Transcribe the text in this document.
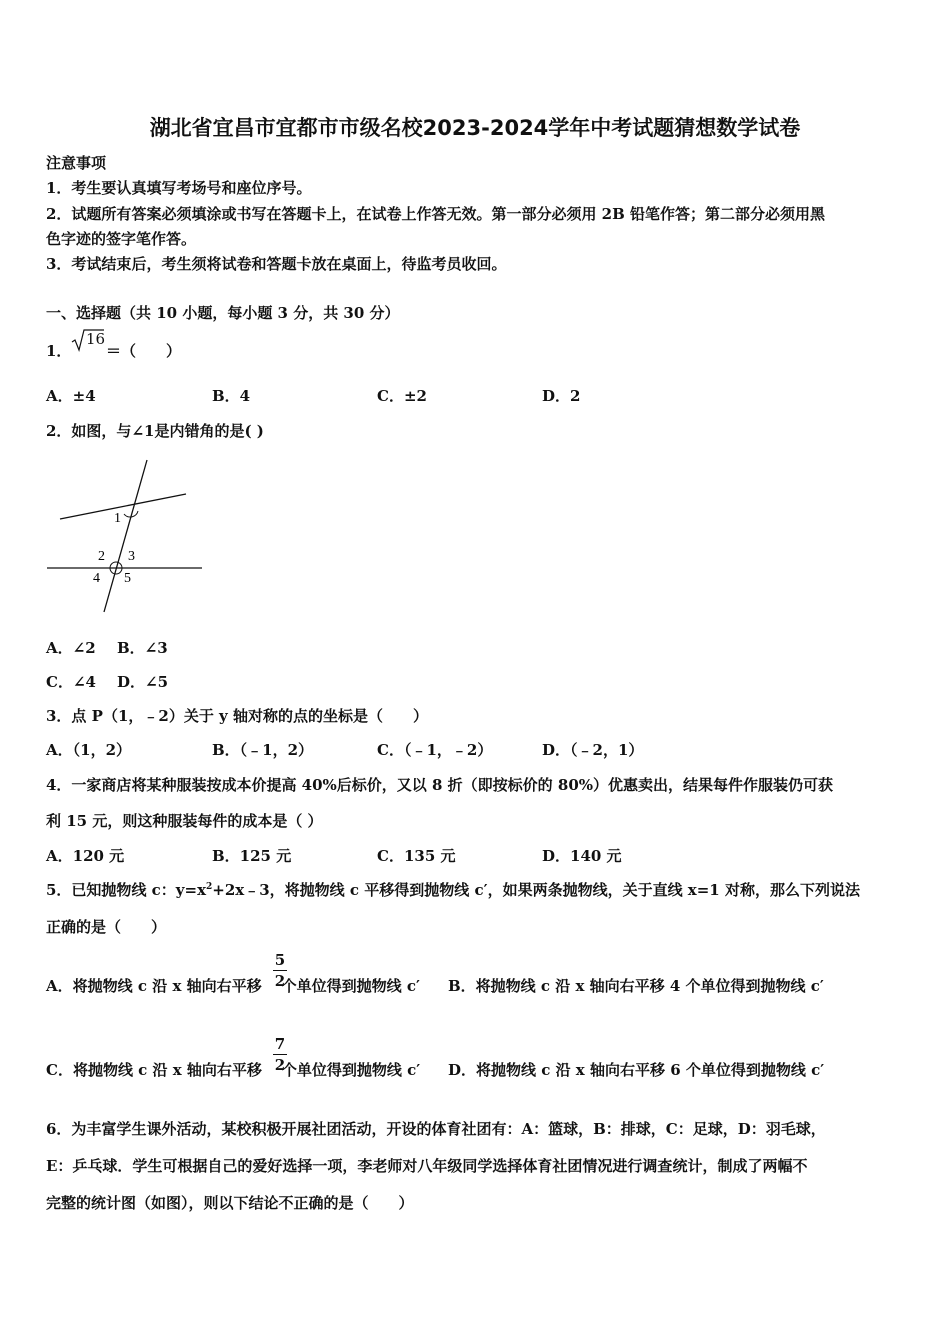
湖北省宜昌市宜都市市级名校2023-2024学年中考试题猜想数学试卷
注意事项
1．考生要认真填写考场号和座位序号。
2．试题所有答案必须填涂或书写在答题卡上，在试卷上作答无效。第一部分必须用 2B 铅笔作答；第二部分必须用黑
色字迹的签字笔作答。
3．考试结束后，考生须将试卷和答题卡放在桌面上，待监考员收回。
一、选择题（共 10 小题，每小题 3 分，共 30 分）
1．
16
＝（　　）
A．±4	B．4	C．±2	D．2
2．如图，与∠1是内错角的是( )
1
2 3
4 5
A．∠2 B．∠3
C．∠4 D．∠5
3．点 P（1，﹣2）关于 y 轴对称的点的坐标是（　　）
A．（1，2）	B．（﹣1，2）	C．（﹣1，﹣2）	D．（﹣2，1）
4．一家商店将某种服装按成本价提高 40%后标价，又以 8 折（即按标价的 80%）优惠卖出，结果每件作服装仍可获
利 15 元，则这种服装每件的成本是（ ）
A．120 元	B．125 元	C．135 元	D．140 元
5．已知抛物线 c：$y=x^2+2x﹣3$，将抛物线 c 平移得到抛物线 c′，如果两条抛物线，关于直线 x=1 对称，那么下列说法
正确的是（　　）
A．将抛物线 c 沿 x 轴向右平移 个单位得到抛物线 c′
5
2	B．将抛物线 c 沿 x 轴向右平移 4 个单位得到抛物线 c′
C．将抛物线 c 沿 x 轴向右平移 个单位得到抛物线 c′
7
2	D．将抛物线 c 沿 x 轴向右平移 6 个单位得到抛物线 c′
6．为丰富学生课外活动，某校积极开展社团活动，开设的体育社团有：A：篮球，B：排球，C：足球，D：羽毛球，
E：乒乓球．学生可根据自己的爱好选择一项，李老师对八年级同学选择体育社团情况进行调查统计，制成了两幅不
完整的统计图（如图），则以下结论不正确的是（　　）
